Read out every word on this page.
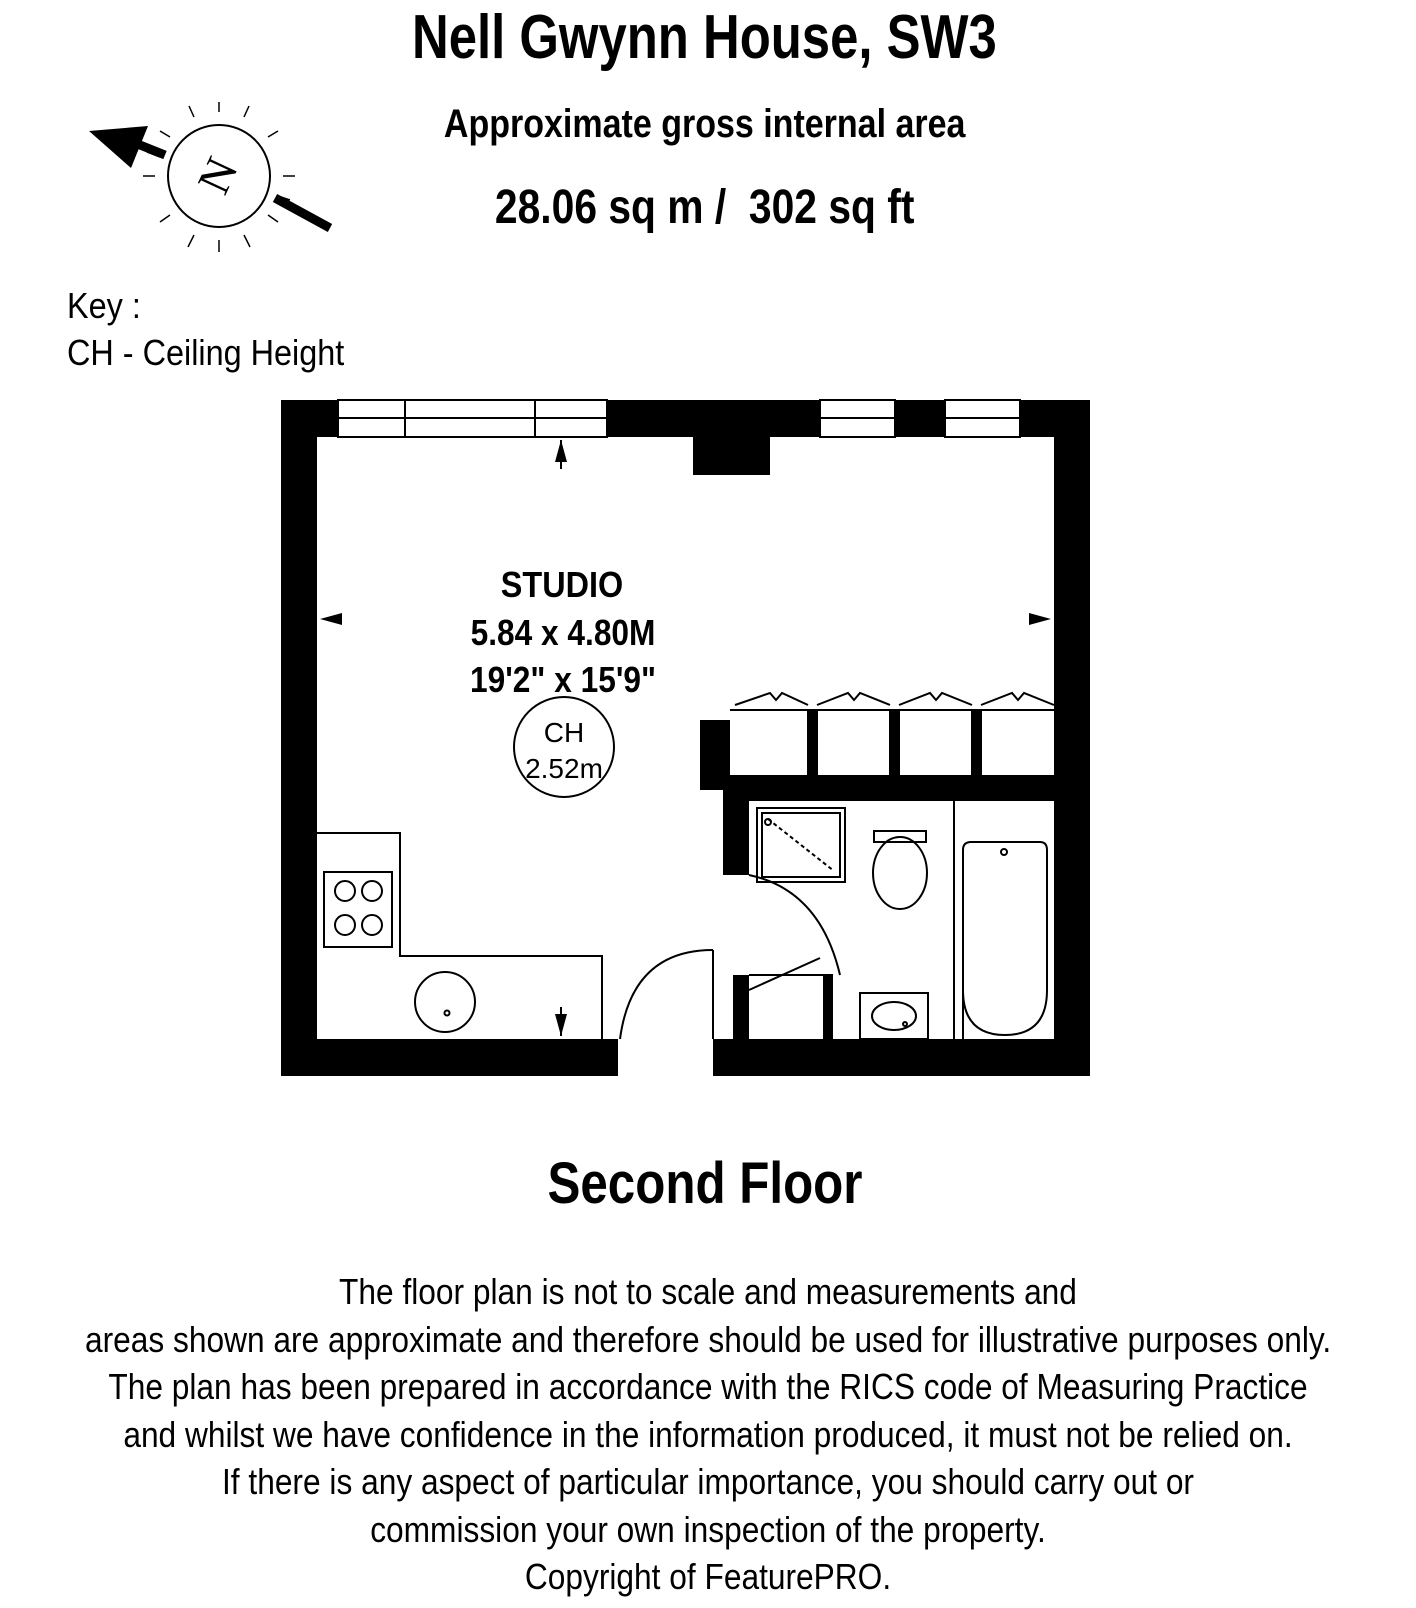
Nell Gwynn House, SW3
Approximate gross internal area
28.06 sq m /  302 sq ft
Key :
CH - Ceiling Height
N
STUDIO
5.84 x 4.80M
19'2" x 15'9"
CH
2.52m
Second Floor
The floor plan is not to scale and measurements and
areas shown are approximate and therefore should be used for illustrative purposes only.
The plan has been prepared in accordance with the RICS code of Measuring Practice
and whilst we have confidence in the information produced, it must not be relied on.
If there is any aspect of particular importance, you should carry out or
commission your own inspection of the property.
Copyright of FeaturePRO.
